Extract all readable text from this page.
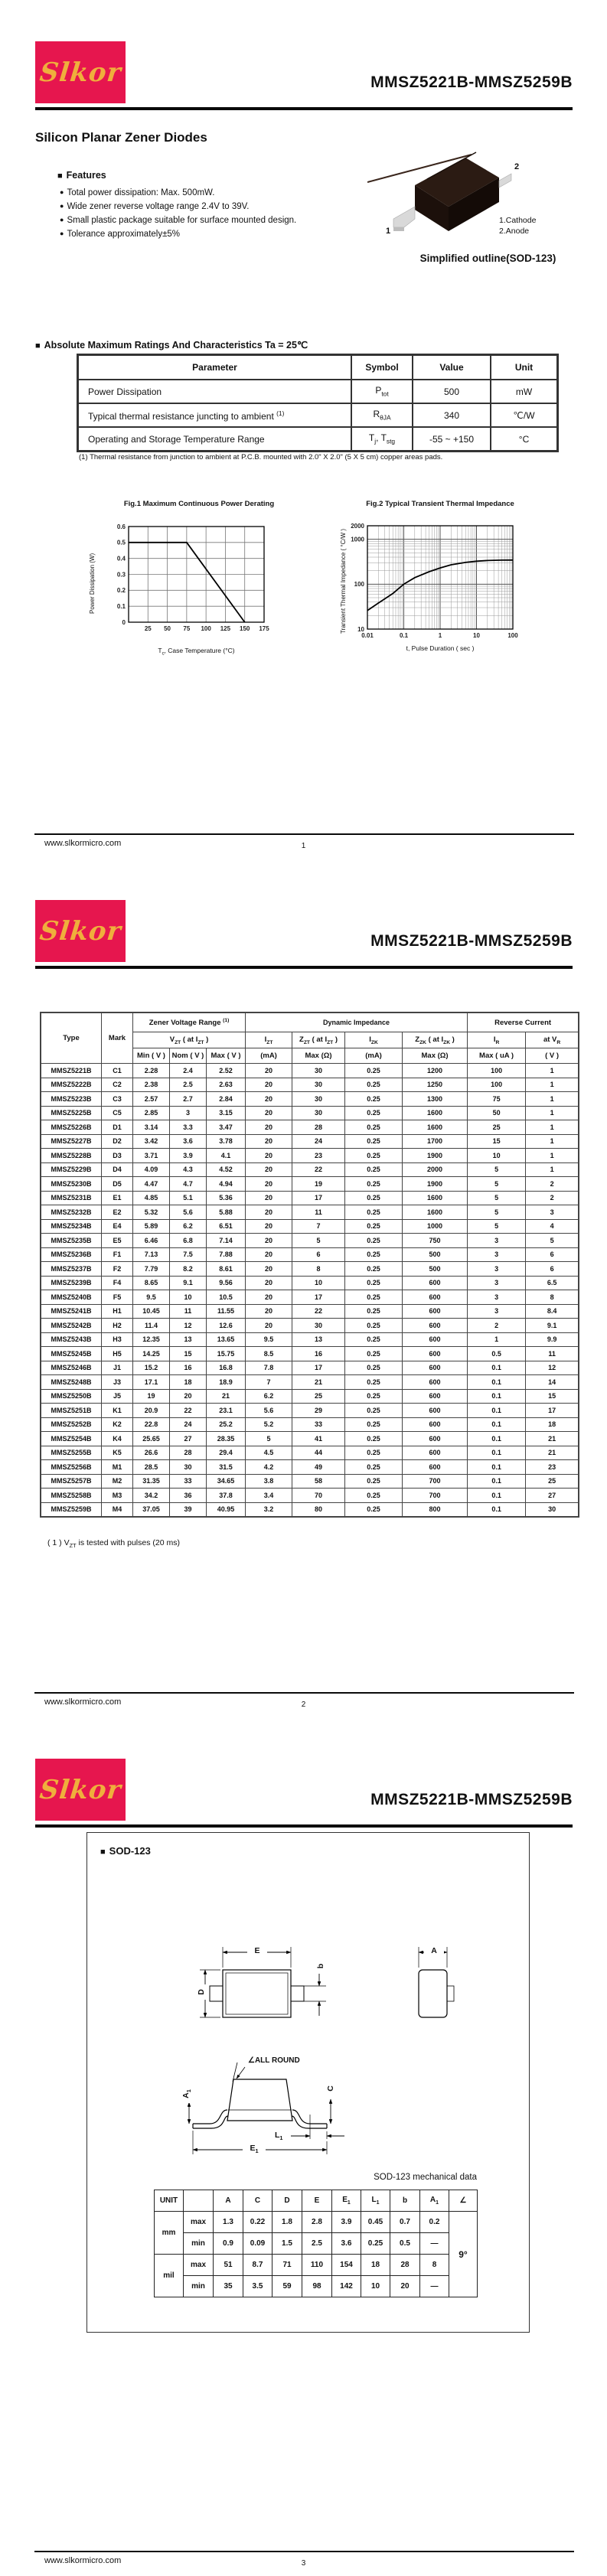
Slkor	MMSZ5221B-MMSZ5259B
Silicon Planar Zener Diodes
■ Features
● Total power dissipation: Max. 500mW.
● Wide zener reverse voltage range 2.4V to 39V.
● Small plastic package suitable for surface mounted design.
● Tolerance approximately±5%
2
1
1.Cathode
2.Anode
Simplified outline(SOD-123)
■ Absolute Maximum Ratings And Characteristics Ta = 25℃
Parameter	Symbol	Value	Unit
Power Dissipation	$P_{tot}$	500	mW
Typical thermal resistance juncting to ambient $^{(1)}$	$R_{\theta JA}$	340	℃/W
Operating and Storage Temperature Range	$T_j$, $T_{stg}$	-55 ~ +150	°C
(1) Thermal resistance from junction to ambient at P.C.B. mounted with 2.0" X 2.0" (5 X 5 cm) copper areas pads.
Fig.1 Maximum Continuous Power Derating
25 50 75 100 125 150 175
0
0.1
0.2
0.3
0.4
0.5
0.6
Power Dissipation (W)
$T_c$, Case Temperature (°C)
Fig.2 Typical Transient Thermal Impedance
0.01	0.1	1	10	100
10
100
1000
2000
Transient Thermal Impedance ( °C/W )
t, Pulse Duration ( sec )
www.slkormicro.com	1
Slkor	MMSZ5221B-MMSZ5259B
Type	Mark	Zener Voltage Range $^{(1)}$			Dynamic Impedance				Reverse Current	
		$V_{ZT}$ ( at $I_{ZT}$ )			$I_{ZT}$	$Z_{ZT}$ ( at $I_{ZT}$ )	$I_{ZK}$	$Z_{ZK}$ ( at $I_{ZK}$ )	$I_R$	at $V_R$
		Min ( V )	Nom ( V )	Max ( V )	(mA)	Max (Ω)	(mA)	Max (Ω)	Max ( uA )	( V )
MMSZ5221B	C1	2.28	2.4	2.52	20	30	0.25	1200	100	1
MMSZ5222B	C2	2.38	2.5	2.63	20	30	0.25	1250	100	1
MMSZ5223B	C3	2.57	2.7	2.84	20	30	0.25	1300	75	1
MMSZ5225B	C5	2.85	3	3.15	20	30	0.25	1600	50	1
MMSZ5226B	D1	3.14	3.3	3.47	20	28	0.25	1600	25	1
MMSZ5227B	D2	3.42	3.6	3.78	20	24	0.25	1700	15	1
MMSZ5228B	D3	3.71	3.9	4.1	20	23	0.25	1900	10	1
MMSZ5229B	D4	4.09	4.3	4.52	20	22	0.25	2000	5	1
MMSZ5230B	D5	4.47	4.7	4.94	20	19	0.25	1900	5	2
MMSZ5231B	E1	4.85	5.1	5.36	20	17	0.25	1600	5	2
MMSZ5232B	E2	5.32	5.6	5.88	20	11	0.25	1600	5	3
MMSZ5234B	E4	5.89	6.2	6.51	20	7	0.25	1000	5	4
MMSZ5235B	E5	6.46	6.8	7.14	20	5	0.25	750	3	5
MMSZ5236B	F1	7.13	7.5	7.88	20	6	0.25	500	3	6
MMSZ5237B	F2	7.79	8.2	8.61	20	8	0.25	500	3	6
MMSZ5239B	F4	8.65	9.1	9.56	20	10	0.25	600	3	6.5
MMSZ5240B	F5	9.5	10	10.5	20	17	0.25	600	3	8
MMSZ5241B	H1	10.45	11	11.55	20	22	0.25	600	3	8.4
MMSZ5242B	H2	11.4	12	12.6	20	30	0.25	600	2	9.1
MMSZ5243B	H3	12.35	13	13.65	9.5	13	0.25	600	1	9.9
MMSZ5245B	H5	14.25	15	15.75	8.5	16	0.25	600	0.5	11
MMSZ5246B	J1	15.2	16	16.8	7.8	17	0.25	600	0.1	12
MMSZ5248B	J3	17.1	18	18.9	7	21	0.25	600	0.1	14
MMSZ5250B	J5	19	20	21	6.2	25	0.25	600	0.1	15
MMSZ5251B	K1	20.9	22	23.1	5.6	29	0.25	600	0.1	17
MMSZ5252B	K2	22.8	24	25.2	5.2	33	0.25	600	0.1	18
MMSZ5254B	K4	25.65	27	28.35	5	41	0.25	600	0.1	21
MMSZ5255B	K5	26.6	28	29.4	4.5	44	0.25	600	0.1	21
MMSZ5256B	M1	28.5	30	31.5	4.2	49	0.25	600	0.1	23
MMSZ5257B	M2	31.35	33	34.65	3.8	58	0.25	700	0.1	25
MMSZ5258B	M3	34.2	36	37.8	3.4	70	0.25	700	0.1	27
MMSZ5259B	M4	37.05	39	40.95	3.2	80	0.25	800	0.1	30
( 1 ) $V_{ZT}$ is tested with pulses (20 ms)
www.slkormicro.com	2
Slkor	MMSZ5221B-MMSZ5259B
■ SOD-123
E
D
b
A
∠ALL ROUND
$A_1$	C
$L_1$
$E_1$
SOD-123 mechanical data
UNIT		A	C	D	E	$E_1$	$L_1$	b	$A_1$	∠
mm	max	1.3	0.22	1.8	2.8	3.9	0.45	0.7	0.2	9°
	min	0.9	0.09	1.5	2.5	3.6	0.25	0.5	—	
mil	max	51	8.7	71	110	154	18	28	8	
	min	35	3.5	59	98	142	10	20	—	
www.slkormicro.com	3
